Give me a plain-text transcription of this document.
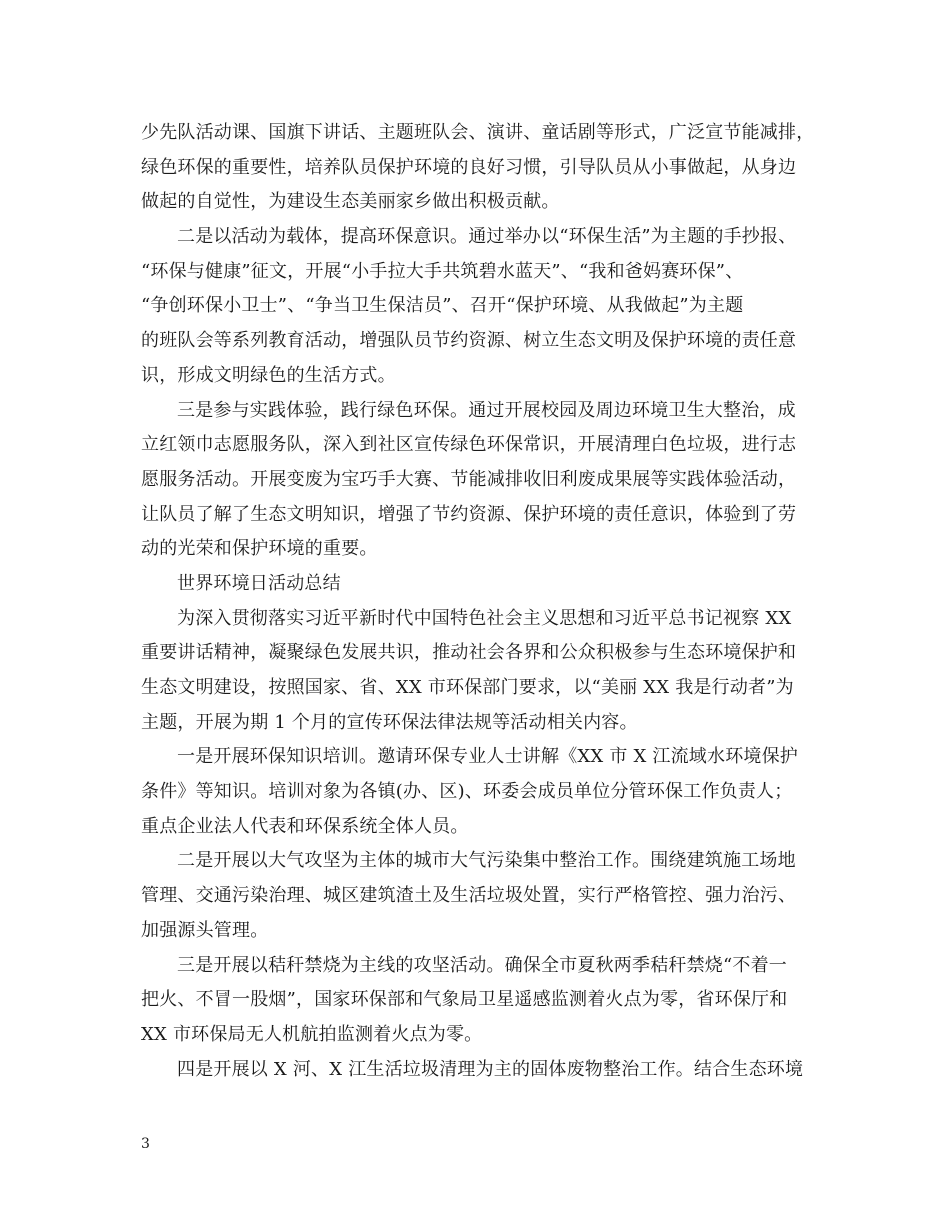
少先队活动课、国旗下讲话、主题班队会、演讲、童话剧等形式，广泛宣节能减排，
绿色环保的重要性，培养队员保护环境的良好习惯，引导队员从小事做起，从身边
做起的自觉性，为建设生态美丽家乡做出积极贡献。
二是以活动为载体，提高环保意识。通过举办以“环保生活”为主题的手抄报、
“环保与健康”征文，开展“小手拉大手共筑碧水蓝天”、“我和爸妈赛环保”、
“争创环保小卫士”、“争当卫生保洁员”、召开“保护环境、从我做起”为主题
的班队会等系列教育活动，增强队员节约资源、树立生态文明及保护环境的责任意
识，形成文明绿色的生活方式。
三是参与实践体验，践行绿色环保。通过开展校园及周边环境卫生大整治，成
立红领巾志愿服务队，深入到社区宣传绿色环保常识，开展清理白色垃圾，进行志
愿服务活动。开展变废为宝巧手大赛、节能减排收旧利废成果展等实践体验活动，
让队员了解了生态文明知识，增强了节约资源、保护环境的责任意识，体验到了劳
动的光荣和保护环境的重要。
世界环境日活动总结
为深入贯彻落实习近平新时代中国特色社会主义思想和习近平总书记视察 XX
重要讲话精神，凝聚绿色发展共识，推动社会各界和公众积极参与生态环境保护和
生态文明建设，按照国家、省、XX 市环保部门要求，以“美丽 XX 我是行动者”为
主题，开展为期 1 个月的宣传环保法律法规等活动相关内容。
一是开展环保知识培训。邀请环保专业人士讲解《XX 市 X 江流域水环境保护
条件》等知识。培训对象为各镇(办、区)、环委会成员单位分管环保工作负责人；
重点企业法人代表和环保系统全体人员。
二是开展以大气攻坚为主体的城市大气污染集中整治工作。围绕建筑施工场地
管理、交通污染治理、城区建筑渣土及生活垃圾处置，实行严格管控、强力治污、
加强源头管理。
三是开展以秸秆禁烧为主线的攻坚活动。确保全市夏秋两季秸秆禁烧“不着一
把火、不冒一股烟”，国家环保部和气象局卫星遥感监测着火点为零，省环保厅和
XX 市环保局无人机航拍监测着火点为零。
四是开展以 X 河、X 江生活垃圾清理为主的固体废物整治工作。结合生态环境
3
